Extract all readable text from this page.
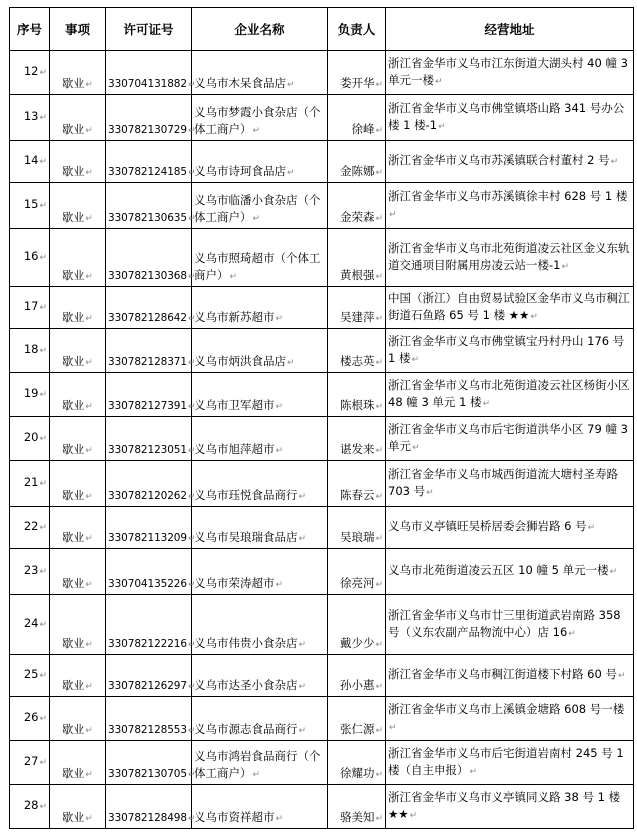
序号	事项	许可证号	企业名称	负责人	经营地址
12↵	歇业↵	330704131882↵	义乌市木呆食品店↵	娄开华↵	浙江省金华市义乌市江东街道大湖头村 40 幢 3 单元一楼↵
13↵	歇业↵	330782130729↵	义乌市梦霞小食杂店（个体工商户）↵	徐峰↵	浙江省金华市义乌市佛堂镇塔山路 341 号办公楼 1 楼-1↵
14↵	歇业↵	330782124185↵	义乌市诗珂食品店↵	金陈娜↵	浙江省金华市义乌市苏溪镇联合村董村 2 号↵
15↵	歇业↵	330782130635↵	义乌市临潘小食杂店（个体工商户）↵	金荣森↵	浙江省金华市义乌市苏溪镇徐丰村 628 号 1 楼↵
16↵	歇业↵	330782130368↵	义乌市照琦超市（个体工商户）↵	黄根强↵	浙江省金华市义乌市北苑街道凌云社区金义东轨道交通项目附属用房凌云站一楼-1↵
17↵	歇业↵	330782128642↵	义乌市新苏超市↵	吴建萍↵	中国（浙江）自由贸易试验区金华市义乌市稠江街道石鱼路 65 号 1 楼 ★★↵
18↵	歇业↵	330782128371↵	义乌市炳洪食品店↵	楼志英↵	浙江省金华市义乌市佛堂镇宝丹村丹山 176 号 1 楼↵
19↵	歇业↵	330782127391↵	义乌市卫军超市↵	陈根珠↵	浙江省金华市义乌市北苑街道凌云社区杨街小区 48 幢 3 单元 1 楼↵
20↵	歇业↵	330782123051↵	义乌市旭萍超市↵	谌发来↵	浙江省金华市义乌市后宅街道洪华小区 79 幢 3 单元↵
21↵	歇业↵	330782120262↵	义乌市珏悦食品商行↵	陈春云↵	浙江省金华市义乌市城西街道流大塘村圣寿路 703 号↵
22↵	歇业↵	330782113209↵	义乌市吴琅瑞食品店↵	吴琅瑞↵	义乌市义亭镇旺吴桥居委会狮岩路 6 号↵
23↵	歇业↵	330704135226↵	义乌市荣涛超市↵	徐亮河↵	义乌市北苑街道凌云五区 10 幢 5 单元一楼↵
24↵	歇业↵	330782122216↵	义乌市伟贵小食杂店↵	戴少少↵	浙江省金华市义乌市廿三里街道武岩南路 358 号（义东农副产品物流中心）店 16↵
25↵	歇业↵	330782126297↵	义乌市达圣小食杂店↵	孙小惠↵	浙江省金华市义乌市稠江街道楼下村路 60 号↵
26↵	歇业↵	330782128553↵	义乌市源志食品商行↵	张仁源↵	浙江省金华市义乌市上溪镇金塘路 608 号一楼↵
27↵	歇业↵	330782130705↵	义乌市鸿岩食品商行（个体工商户）↵	徐耀功↵	浙江省金华市义乌市后宅街道岩南村 245 号 1 楼（自主申报）↵
28↵	歇业↵	330782128498↵	义乌市资祥超市↵	骆美知↵	浙江省金华市义乌市义亭镇同义路 38 号 1 楼★★↵
